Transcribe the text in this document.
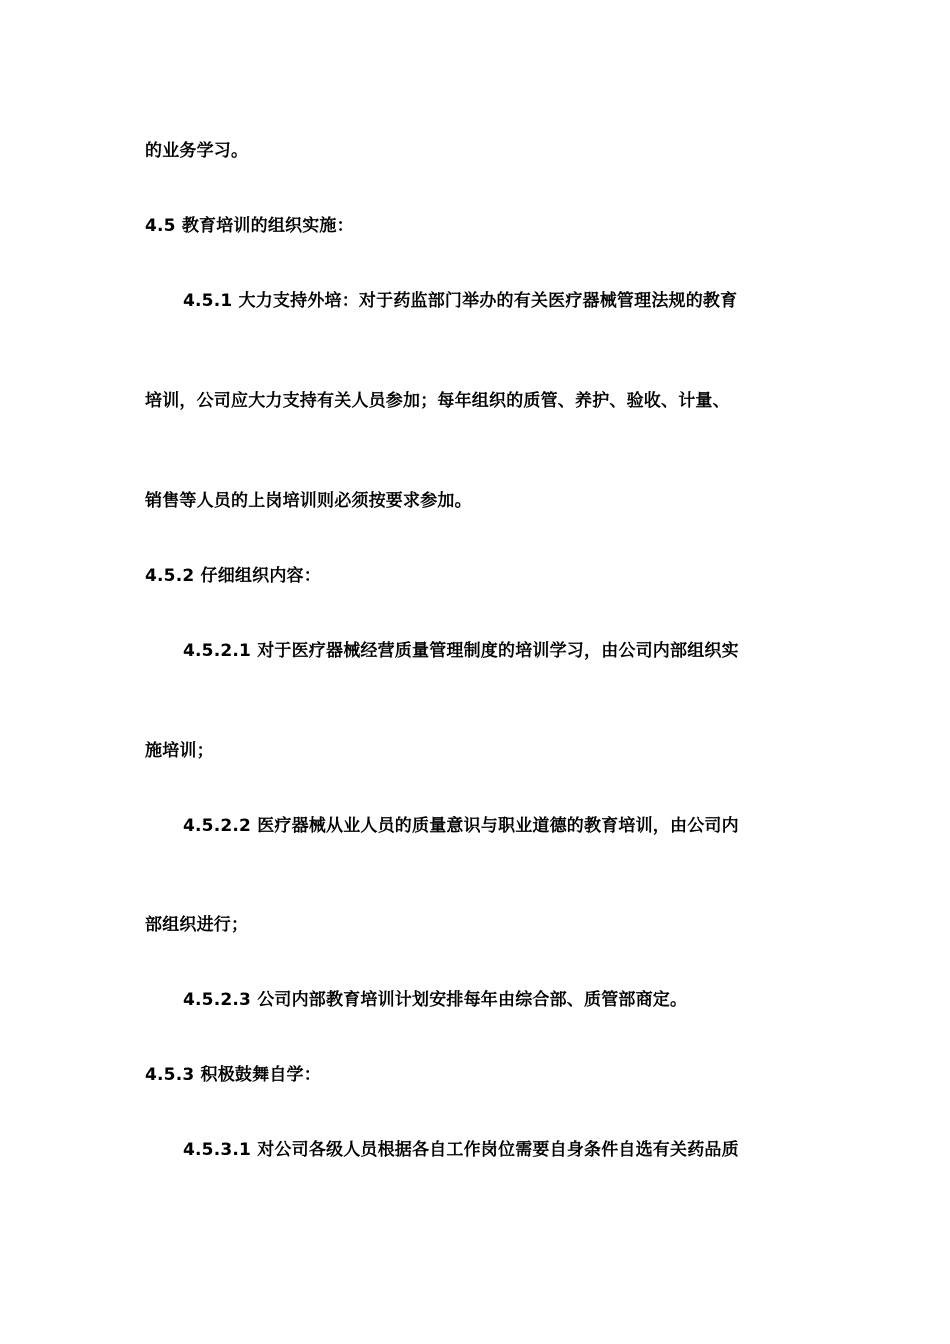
的业务学习。
4.5 教育培训的组织实施：
4.5.1 大力支持外培：对于药监部门举办的有关医疗器械管理法规的教育
培训，公司应大力支持有关人员参加；每年组织的质管、养护、验收、计量、
销售等人员的上岗培训则必须按要求参加。
4.5.2 仔细组织内容：
4.5.2.1 对于医疗器械经营质量管理制度的培训学习，由公司内部组织实
施培训；
4.5.2.2 医疗器械从业人员的质量意识与职业道德的教育培训，由公司内
部组织进行；
4.5.2.3 公司内部教育培训计划安排每年由综合部、质管部商定。
4.5.3 积极鼓舞自学：
4.5.3.1 对公司各级人员根据各自工作岗位需要自身条件自选有关药品质
